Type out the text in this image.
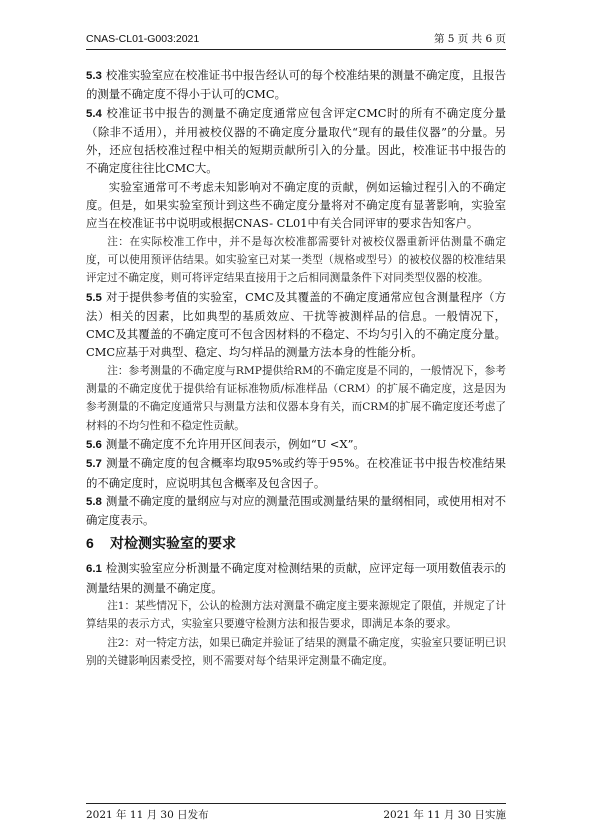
CNAS-CL01-G003:2021	第 5 页 共 6 页

5.3 校准实验室应在校准证书中报告经认可的每个校准结果的测量不确定度，且报告的测量不确定度不得小于认可的CMC。

5.4 校准证书中报告的测量不确定度通常应包含评定CMC时的所有不确定度分量（除非不适用），并用被校仪器的不确定度分量取代“现有的最佳仪器”的分量。另外，还应包括校准过程中相关的短期贡献所引入的分量。因此，校准证书中报告的不确定度往往比CMC大。

实验室通常可不考虑未知影响对不确定度的贡献，例如运输过程引入的不确定度。但是，如果实验室预计到这些不确定度分量将对不确定度有显著影响，实验室应当在校准证书中说明或根据CNAS- CL01中有关合同评审的要求告知客户。

注：在实际校准工作中，并不是每次校准都需要针对被校仪器重新评估测量不确定度，可以使用预评估结果。如实验室已对某一类型（规格或型号）的被校仪器的校准结果评定过不确定度，则可将评定结果直接用于之后相同测量条件下对同类型仪器的校准。

5.5 对于提供参考值的实验室，CMC及其覆盖的不确定度通常应包含测量程序（方法）相关的因素，比如典型的基质效应、干扰等被测样品的信息。一般情况下，CMC及其覆盖的不确定度可不包含因材料的不稳定、不均匀引入的不确定度分量。CMC应基于对典型、稳定、均匀样品的测量方法本身的性能分析。

注：参考测量的不确定度与RMP提供给RM的不确定度是不同的，一般情况下，参考测量的不确定度优于提供给有证标准物质/标准样品（CRM）的扩展不确定度，这是因为参考测量的不确定度通常只与测量方法和仪器本身有关，而CRM的扩展不确定度还考虑了材料的不均匀性和不稳定性贡献。

5.6 测量不确定度不允许用开区间表示，例如“U <X”。

5.7 测量不确定度的包含概率均取95%或约等于95%。在校准证书中报告校准结果的不确定度时，应说明其包含概率及包含因子。

5.8 测量不确定度的量纲应与对应的测量范围或测量结果的量纲相同，或使用相对不确定度表示。

6 对检测实验室的要求

6.1 检测实验室应分析测量不确定度对检测结果的贡献，应评定每一项用数值表示的测量结果的测量不确定度。

注1：某些情况下，公认的检测方法对测量不确定度主要来源规定了限值，并规定了计算结果的表示方式，实验室只要遵守检测方法和报告要求，即满足本条的要求。

注2：对一特定方法，如果已确定并验证了结果的测量不确定度，实验室只要证明已识别的关键影响因素受控，则不需要对每个结果评定测量不确定度。

2021 年 11 月 30 日发布	2021 年 11 月 30 日实施
